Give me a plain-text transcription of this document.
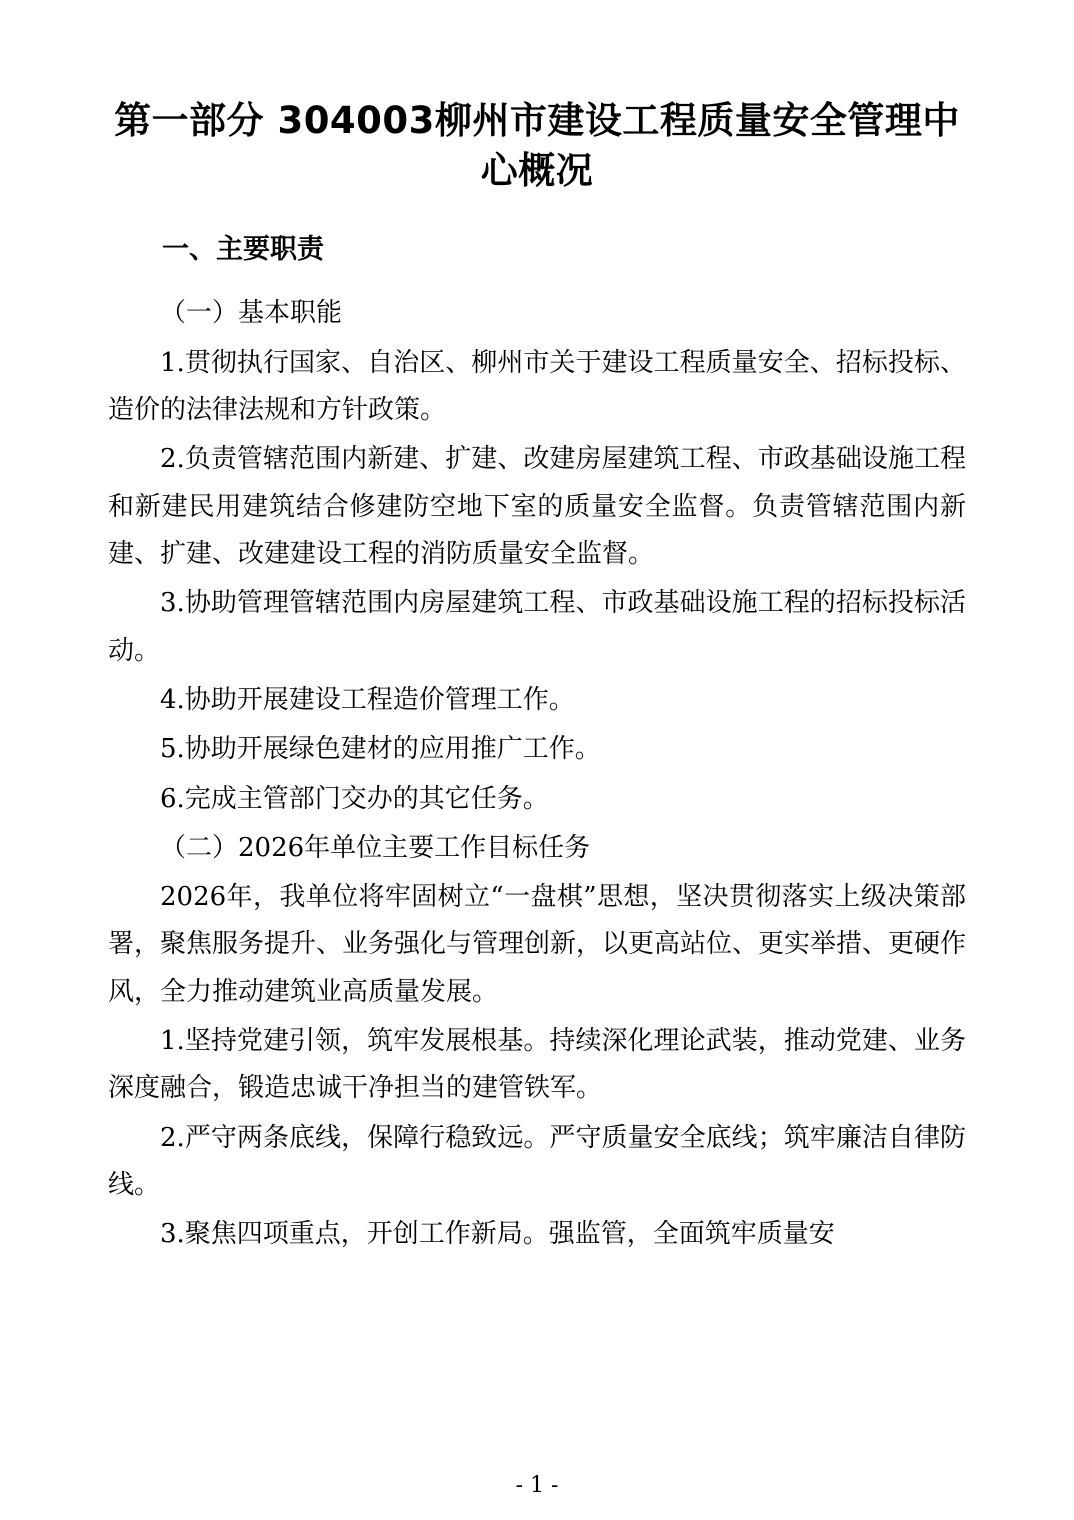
第一部分 304003柳州市建设工程质量安全管理中心概况
一、主要职责

（一）基本职能

1.贯彻执行国家、自治区、柳州市关于建设工程质量安全、招标投标、造价的法律法规和方针政策。

2.负责管辖范围内新建、扩建、改建房屋建筑工程、市政基础设施工程和新建民用建筑结合修建防空地下室的质量安全监督。负责管辖范围内新建、扩建、改建建设工程的消防质量安全监督。

3.协助管理管辖范围内房屋建筑工程、市政基础设施工程的招标投标活动。

4.协助开展建设工程造价管理工作。

5.协助开展绿色建材的应用推广工作。

6.完成主管部门交办的其它任务。

（二）2026年单位主要工作目标任务

2026年，我单位将牢固树立“一盘棋”思想，坚决贯彻落实上级决策部署，聚焦服务提升、业务强化与管理创新，以更高站位、更实举措、更硬作风，全力推动建筑业高质量发展。

1.坚持党建引领，筑牢发展根基。持续深化理论武装，推动党建、业务深度融合，锻造忠诚干净担当的建管铁军。

2.严守两条底线，保障行稳致远。严守质量安全底线；筑牢廉洁自律防线。

3.聚焦四项重点，开创工作新局。强监管，全面筑牢质量安

- 1 -
